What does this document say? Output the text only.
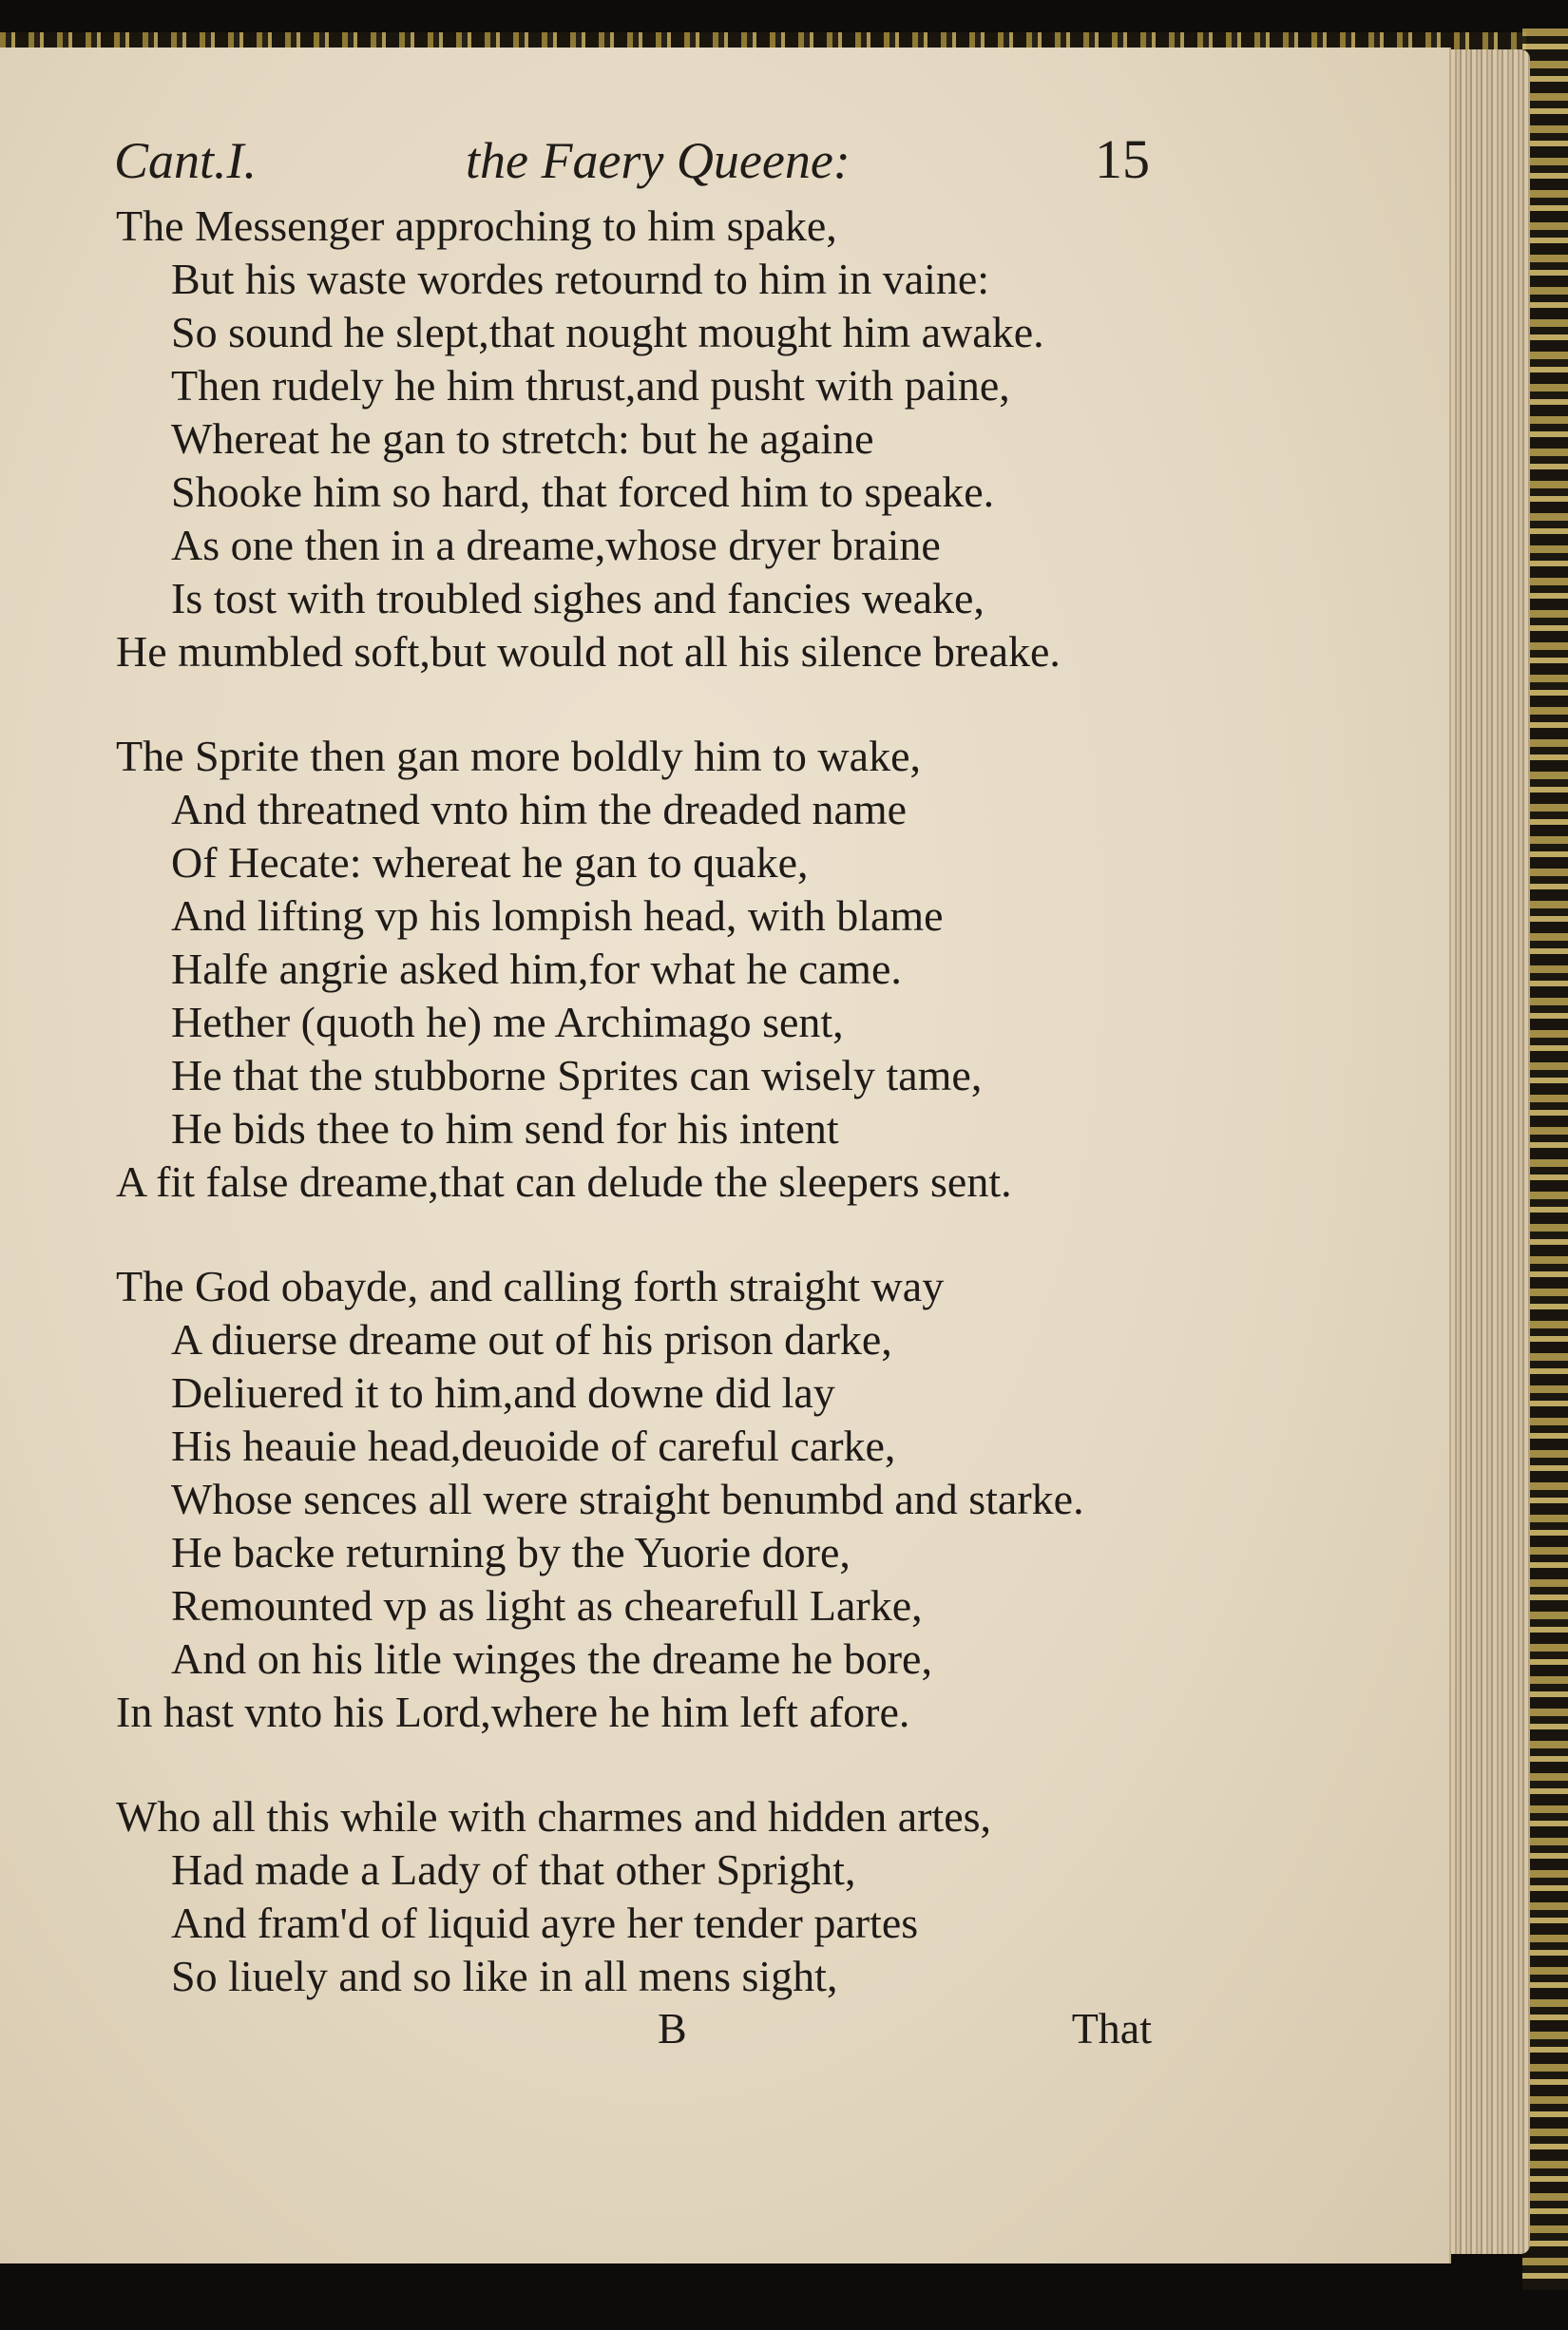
Cant.I.	the Faery Queene:	15
The Messenger approching to him spake,
But his waste wordes retournd to him in vaine:
So sound he slept,that nought mought him awake.
Then rudely he him thrust,and pusht with paine,
Whereat he gan to stretch: but he againe
Shooke him so hard, that forced him to speake.
As one then in a dreame,whose dryer braine
Is tost with troubled sighes and fancies weake,
He mumbled soft,but would not all his silence breake.
The Sprite then gan more boldly him to wake,
And threatned vnto him the dreaded name
Of Hecate: whereat he gan to quake,
And lifting vp his lompish head, with blame
Halfe angrie asked him,for what he came.
Hether (quoth he) me Archimago sent,
He that the stubborne Sprites can wisely tame,
He bids thee to him send for his intent
A fit false dreame,that can delude the sleepers sent.
The God obayde, and calling forth straight way
A diuerse dreame out of his prison darke,
Deliuered it to him,and downe did lay
His heauie head,deuoide of careful carke,
Whose sences all were straight benumbd and starke.
He backe returning by the Yuorie dore,
Remounted vp as light as chearefull Larke,
And on his litle winges the dreame he bore,
In hast vnto his Lord,where he him left afore.
Who all this while with charmes and hidden artes,
Had made a Lady of that other Spright,
And fram'd of liquid ayre her tender partes
So liuely and so like in all mens sight,
B	That
